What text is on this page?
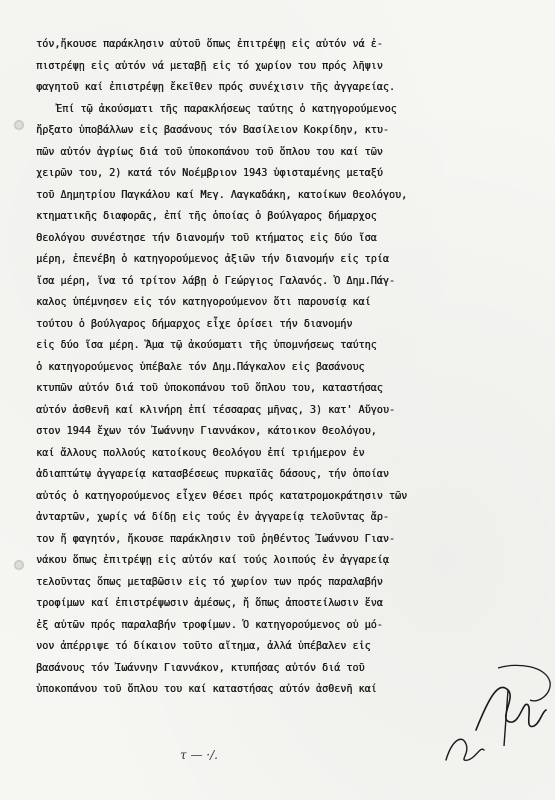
τόν,ἤκουσε παράκλησιν αὐτοῦ ὅπως ἐπιτρέψῃ εἰς αὐτόν νά ἐ-
πιστρέψῃ εἰς αὐτόν νά μεταβῇ εἰς τό χωρίον του πρός λῆψιν
φαγητοῦ καί ἐπιστρέψῃ ἔκεῖθεν πρός συνέχισιν τῆς ἀγγαρείας.
Ἐπί τῷ ἀκούσματι τῆς παρακλήσεως ταύτης ὁ κατηγορούμενος
ἤρξατο ὑποβάλλων εἰς βασάνους τόν Βασίλειον Κοκρίδην, κτυ-
πῶν αὐτόν ἀγρίως διά τοῦ ὑποκοπάνου τοῦ ὅπλου του καί τῶν
χειρῶν του, 2) κατά τόν Νοέμβριον 1943 ὑφισταμένης μεταξύ
τοῦ Δημητρίου Παγκάλου καί Μεγ. Λαγκαδάκη, κατοίκων Θεολόγου,
κτηματικῆς διαφορᾶς, ἐπί τῆς ὁποίας ὁ βούλγαρος δήμαρχος
Θεολόγου συνέστησε τήν διανομήν τοῦ κτήματος εἰς δύο ἴσα
μέρη, ἐπενέβη ὁ κατηγορούμενος ἀξιῶν τήν διανομήν εἰς τρία
ἴσα μέρη, ἵνα τό τρίτον λάβῃ ὁ Γεώργιος Γαλανός. Ὁ Δημ.Πάγ-
καλος ὑπέμνησεν εἰς τόν κατηγορούμενον ὅτι παρουσίᾳ καί
τούτου ὁ βούλγαρος δήμαρχος εἶχε ὁρίσει τήν διανομήν
εἰς δύο ἴσα μέρη. Ἅμα τῷ ἀκούσματι τῆς ὑπομνήσεως ταύτης
ὁ κατηγορούμενος ὑπέβαλε τόν Δημ.Πάγκαλον εἰς βασάνους
κτυπῶν αὐτόν διά τοῦ ὑποκοπάνου τοῦ ὅπλου του, καταστήσας
αὐτόν ἀσθενῆ καί κλινήρη ἐπί τέσσαρας μῆνας, 3) κατ' Αὔγου-
στον 1944 ἔχων τόν Ἰωάννην Γιαννάκον, κάτοικον Θεολόγου,
καί ἄλλους πολλούς κατοίκους Θεολόγου ἐπί τριήμερον ἐν
ἀδιαπτώτῳ ἀγγαρείᾳ κατασβέσεως πυρκαϊᾶς δάσους, τήν ὁποίαν
αὐτός ὁ κατηγορούμενος εἶχεν θέσει πρός κατατρομοκράτησιν τῶν
ἀνταρτῶν, χωρίς νά δίδῃ εἰς τούς ἐν ἀγγαρείᾳ τελοῦντας ἄρ-
τον ἤ φαγητόν, ἤκουσε παράκλησιν τοῦ ῥηθέντος Ἰωάννου Γιαν-
νάκου ὅπως ἐπιτρέψῃ εἰς αὐτόν καί τούς λοιπούς ἐν ἀγγαρείᾳ
τελοῦντας ὅπως μεταβῶσιν εἰς τό χωρίον των πρός παραλαβήν
τροφίμων καί ἐπιστρέψωσιν ἀμέσως, ἤ ὅπως ἀποστείλωσιν ἕνα
ἐξ αὐτῶν πρός παραλαβήν τροφίμων. Ὁ κατηγορούμενος οὐ μό-
νον ἀπέρριψε τό δίκαιον τοῦτο αἴτημα, ἀλλά ὑπέβαλεν εἰς
βασάνους τόν Ἰωάννην Γιαννάκον, κτυπήσας αὐτόν διά τοῦ
ὑποκοπάνου τοῦ ὅπλου του καί καταστήσας αὐτόν ἀσθενῆ καί
τ — ·/.
